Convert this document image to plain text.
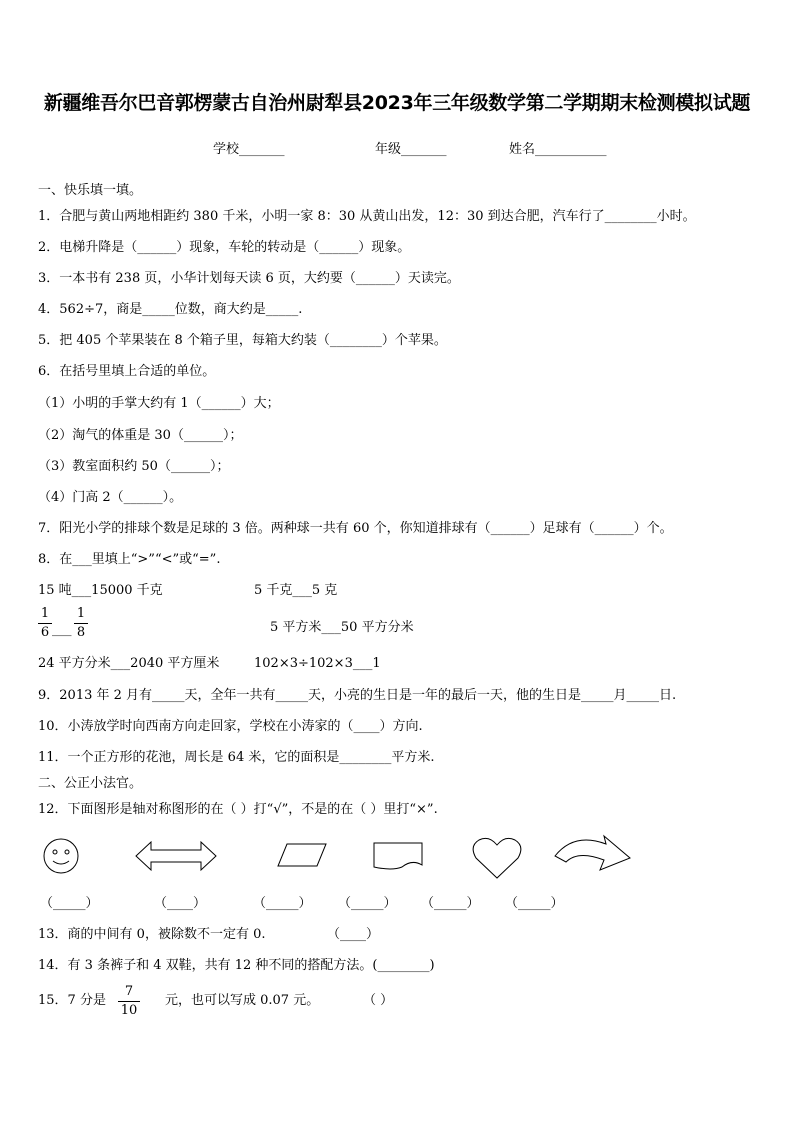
新疆维吾尔巴音郭楞蒙古自治州尉犁县2023年三年级数学第二学期期末检测模拟试题
学校_______	年级_______	姓名___________
一、快乐填一填。
1．合肥与黄山两地相距约 380 千米，小明一家 8：30 从黄山出发，12：30 到达合肥，汽车行了________小时。
2．电梯升降是（______）现象，车轮的转动是（______）现象。
3．一本书有 238 页，小华计划每天读 6 页，大约要（______）天读完。
4．562÷7，商是_____位数，商大约是_____.
5．把 405 个苹果装在 8 个箱子里，每箱大约装（________）个苹果。
6．在括号里填上合适的单位。
（1）小明的手掌大约有 1（______）大；
（2）淘气的体重是 30（______）；
（3）教室面积约 50（______）；
（4）门高 2（______）。
7．阳光小学的排球个数是足球的 3 倍。两种球一共有 60 个，你知道排球有（______）足球有（______）个。
8．在___里填上“>”“<”或“=”.
15 吨___15000 千克	5 千克___5 克
1
6 ___
1
8	5 平方米___50 平方分米
24 平方分米___2040 平方厘米	102×3÷102×3___1
9．2013 年 2 月有_____天，全年一共有_____天，小亮的生日是一年的最后一天，他的生日是_____月_____日.
10．小涛放学时向西南方向走回家，学校在小涛家的（____）方向.
11．一个正方形的花池，周长是 64 米，它的面积是________平方米.
二、公正小法官。
12．下面图形是轴对称图形的在（ ）打“√”，不是的在（ ）里打“×”.
（_____）	（____）	（_____） （_____） （_____） （_____）
13．商的中间有 0，被除数不一定有 0.	（____）
14．有 3 条裤子和 4 双鞋，共有 12 种不同的搭配方法。(________)
15．7 分是
7
10
元，也可以写成 0.07 元。	（ ）
